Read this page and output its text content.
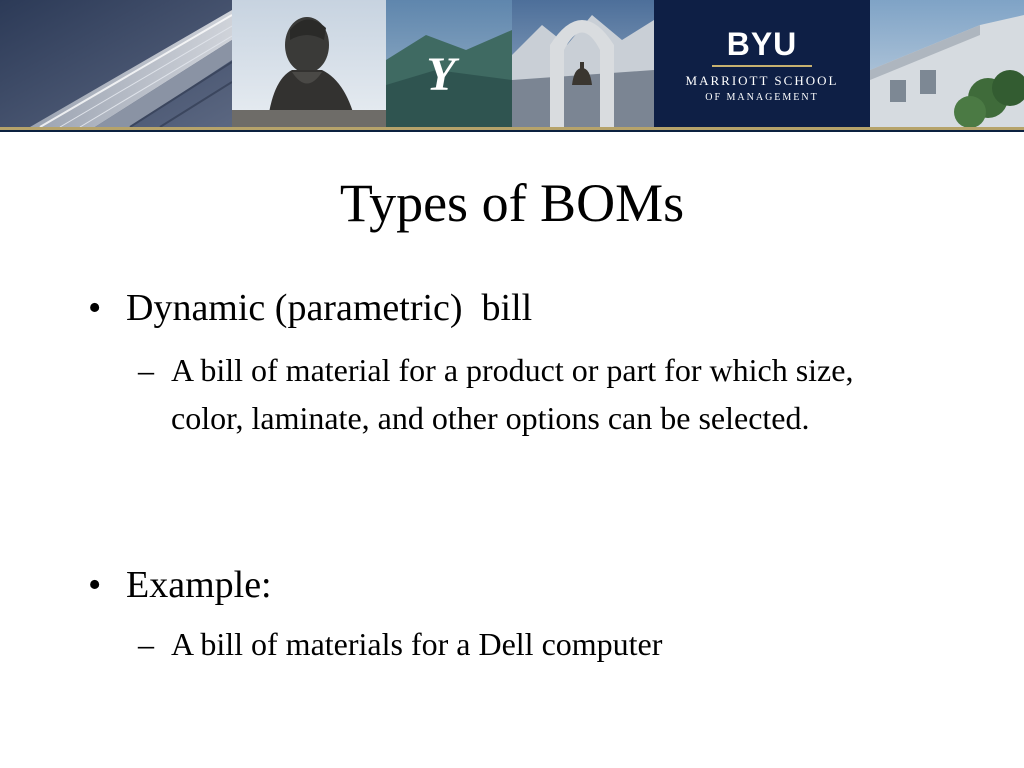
Y
BYU
MARRIOTT SCHOOL
OF MANAGEMENT
Types of BOMs
• Dynamic (parametric)  bill
– A bill of material for a product or part for which size, color, laminate, and other options can be selected.
• Example:
– A bill of materials for a Dell computer
